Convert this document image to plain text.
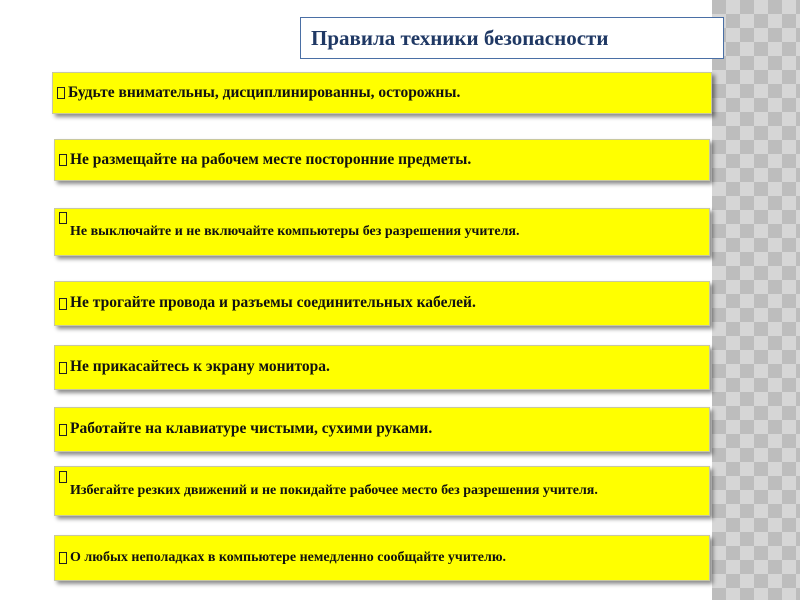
Правила техники безопасности
Будьте внимательны, дисциплинированны, осторожны.
Не размещайте на рабочем месте посторонние предметы.
Не выключайте и не включайте компьютеры без разрешения учителя.
Не трогайте провода и разъемы соединительных кабелей.
Не прикасайтесь к экрану монитора.
Работайте на клавиатуре чистыми, сухими руками.
Избегайте резких движений и не покидайте рабочее место без разрешения учителя.
О любых неполадках в компьютере немедленно сообщайте учителю.
